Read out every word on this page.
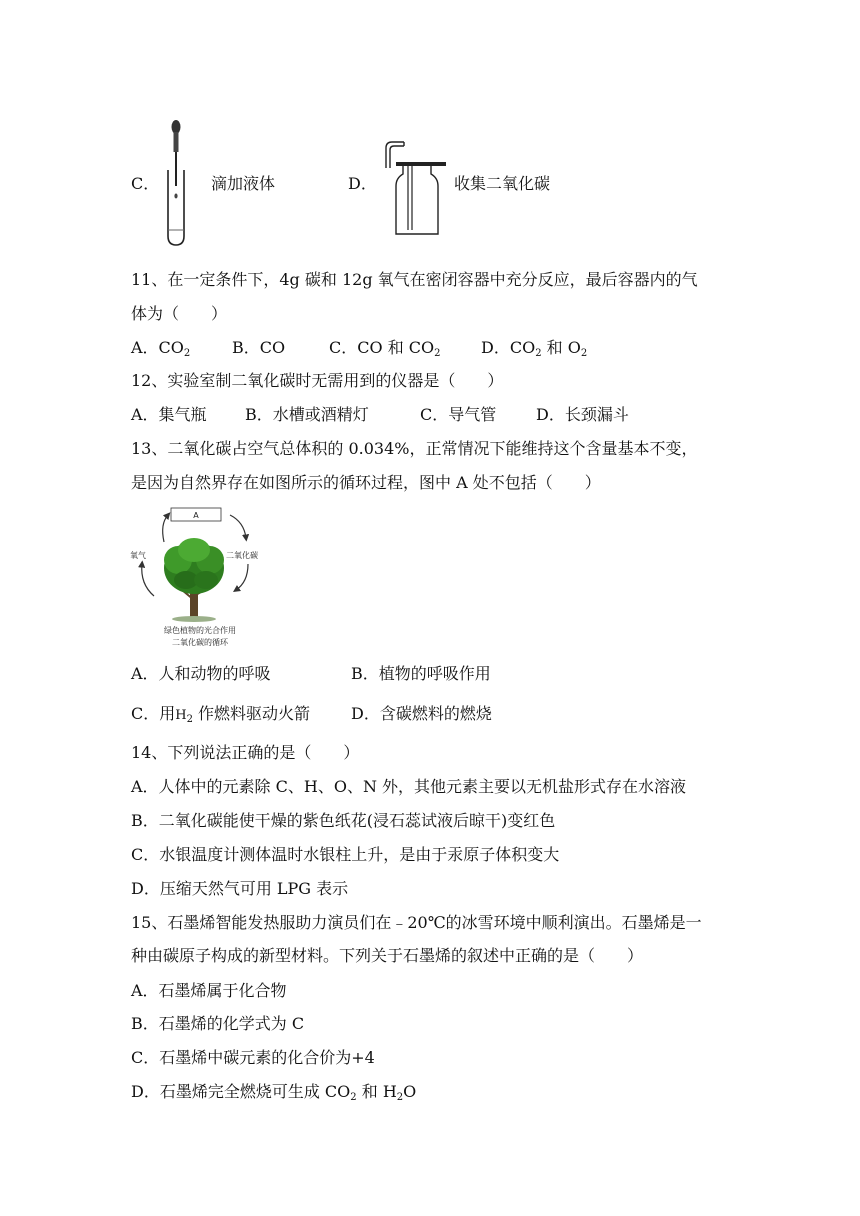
C．	滴加液体	D．	收集二氧化碳
11、在一定条件下，4g 碳和 12g 氧气在密闭容器中充分反应，最后容器内的气
体为（　　）
A．$CO_2$	B．CO	C．CO 和 $CO_2$	D．$CO_2$ 和 $O_2$
12、实验室制二氧化碳时无需用到的仪器是（　　）
A．集气瓶 B．水槽或酒精灯	C．导气管 D．长颈漏斗
13、二氧化碳占空气总体积的 0.034%，正常情况下能维持这个含量基本不变，
是因为自然界存在如图所示的循环过程，图中 A 处不包括（　　）
A
氧气	二氧化碳
绿色植物的光合作用
二氧化碳的循环
A．人和动物的呼吸	B．植物的呼吸作用
C．用$H_2$ 作燃料驱动火箭	D．含碳燃料的燃烧
14、下列说法正确的是（　　）
A．人体中的元素除 C、H、O、N 外，其他元素主要以无机盐形式存在水溶液
B．二氧化碳能使干燥的紫色纸花(浸石蕊试液后晾干)变红色
C．水银温度计测体温时水银柱上升，是由于汞原子体积变大
D．压缩天然气可用 LPG 表示
15、石墨烯智能发热服助力演员们在﹣20℃的冰雪环境中顺利演出。石墨烯是一
种由碳原子构成的新型材料。下列关于石墨烯的叙述中正确的是（　　）
A．石墨烯属于化合物
B．石墨烯的化学式为 C
C．石墨烯中碳元素的化合价为+4
D．石墨烯完全燃烧可生成 $CO_2$ 和 $H_2O$
